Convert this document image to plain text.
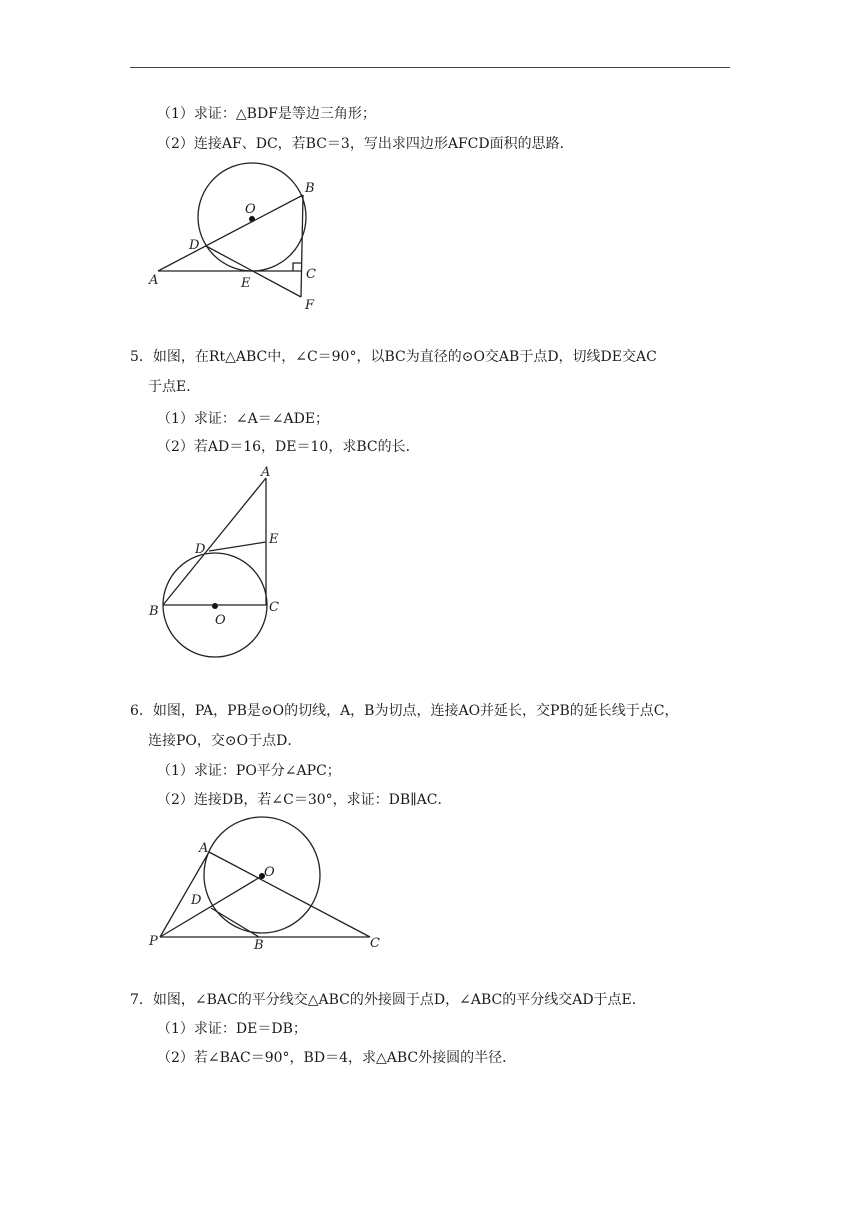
（1）求证：△BDF是等边三角形；
（2）连接AF、DC，若BC＝3，写出求四边形AFCD面积的思路．
O
B
D
A	E
C
F
5．如图，在Rt△ABC中，∠C＝90°，以BC为直径的⊙O交AB于点D，切线DE交AC
于点E．
（1）求证：∠A＝∠ADE；
（2）若AD＝16，DE＝10，求BC的长．
A
E
D
B
O
C
6．如图，PA，PB是⊙O的切线，A，B为切点，连接AO并延长，交PB的延长线于点C，
连接PO，交⊙O于点D．
（1）求证：PO平分∠APC；
（2）连接DB，若∠C＝30°，求证：DB∥AC．
A
O
D
P	B	C
7．如图，∠BAC的平分线交△ABC的外接圆于点D，∠ABC的平分线交AD于点E．
（1）求证：DE＝DB；
（2）若∠BAC＝90°，BD＝4，求△ABC外接圆的半径．
